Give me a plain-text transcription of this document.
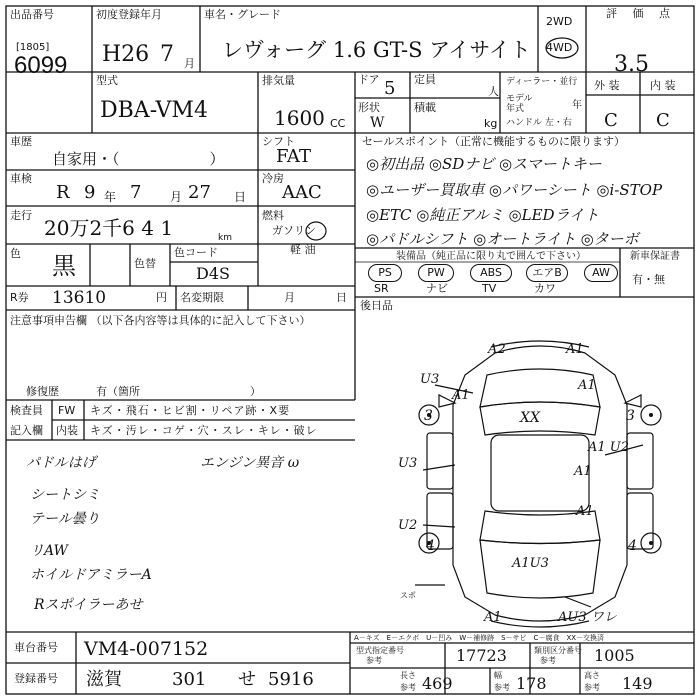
出品番号
[1805]
6099
初度登録年月
H26 7 月
車名・グレード
レヴォーグ 1.6 GT-S アイサイト
2WD
4WD
評 価 点
3.5
型式
DBA-VM4
排気量
1600 CC
ドア 5 定員
人
形状
W
積載
kg
ディーラー・並行
モデル 年式	年
ハンドル 左・右
外 装	内 装
C C
車歴
自家用・（　　　　　　）
シフト
FAT
車検
R 9 年 7 月 27 日
冷房
AAC
走行
20万2千6 4 1	km
燃料
ガソリン
軽 油
色 黒	色替
色コード
D4S
セールスポイント（正常に機能するものに限ります）
◎初出品 ◎SDナビ ◎スマートキー
◎ユーザー買取車 ◎パワーシート ◎i-STOP
◎ETC ◎純正アルミ ◎LEDライト
◎パドルシフト ◎オートライト ◎ターボ
装備品（純正品に限り丸で囲んで下さい）
PS	PW	ABS	エアB	AW
SR	ナビ	TV	カワ
新車保証書
有・無
後日品
R券 13610	円 名変期限	月	日
注意事項申告欄 （以下各内容等は具体的に記入して下さい）
修復歴	有（箇所　　　　　　　　　　）
検査員
記入欄
FW キズ・飛石・ヒビ割・リペア跡・X要
内装 キズ・汚レ・コゲ・穴・スレ・キレ・破レ
パドルはげ
シートシミ
テール曇り
リAW
ホイルドアミラーA
Rスポイラーあせ
エンジン異音 ω
A2	A1
U3	A1
A1
XX
3	3
U3
A1 U2
A1
A1
U2
4	4
A1U3
スポ
A1	AU3 ワレ
A－キズ　E－エクボ　U－凹み　W－補修跡　S－サビ　C－腐食　XX－交換済
車台番号 VM4-007152
登録番号 滋賀	301 せ 5916
型式指定番号
参考	17723	類別区分番号
参考 1005
長さ
参考 469	幅
参考 178	高さ
参考 149
